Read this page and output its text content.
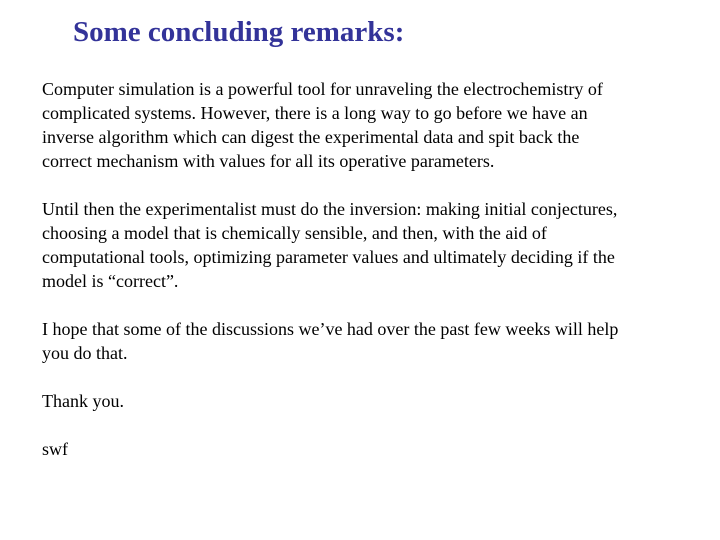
Some concluding remarks:

Computer simulation is a powerful tool for unraveling the electrochemistry of
complicated systems. However, there is a long way to go before we have an
inverse algorithm which can digest the experimental data and spit back the
correct mechanism with values for all its operative parameters.

Until then the experimentalist must do the inversion: making initial conjectures,
choosing a model that is chemically sensible, and then, with the aid of
computational tools, optimizing parameter values and ultimately deciding if the
model is “correct”.

I hope that some of the discussions we’ve had over the past few weeks will help
you do that.

Thank you.

swf
